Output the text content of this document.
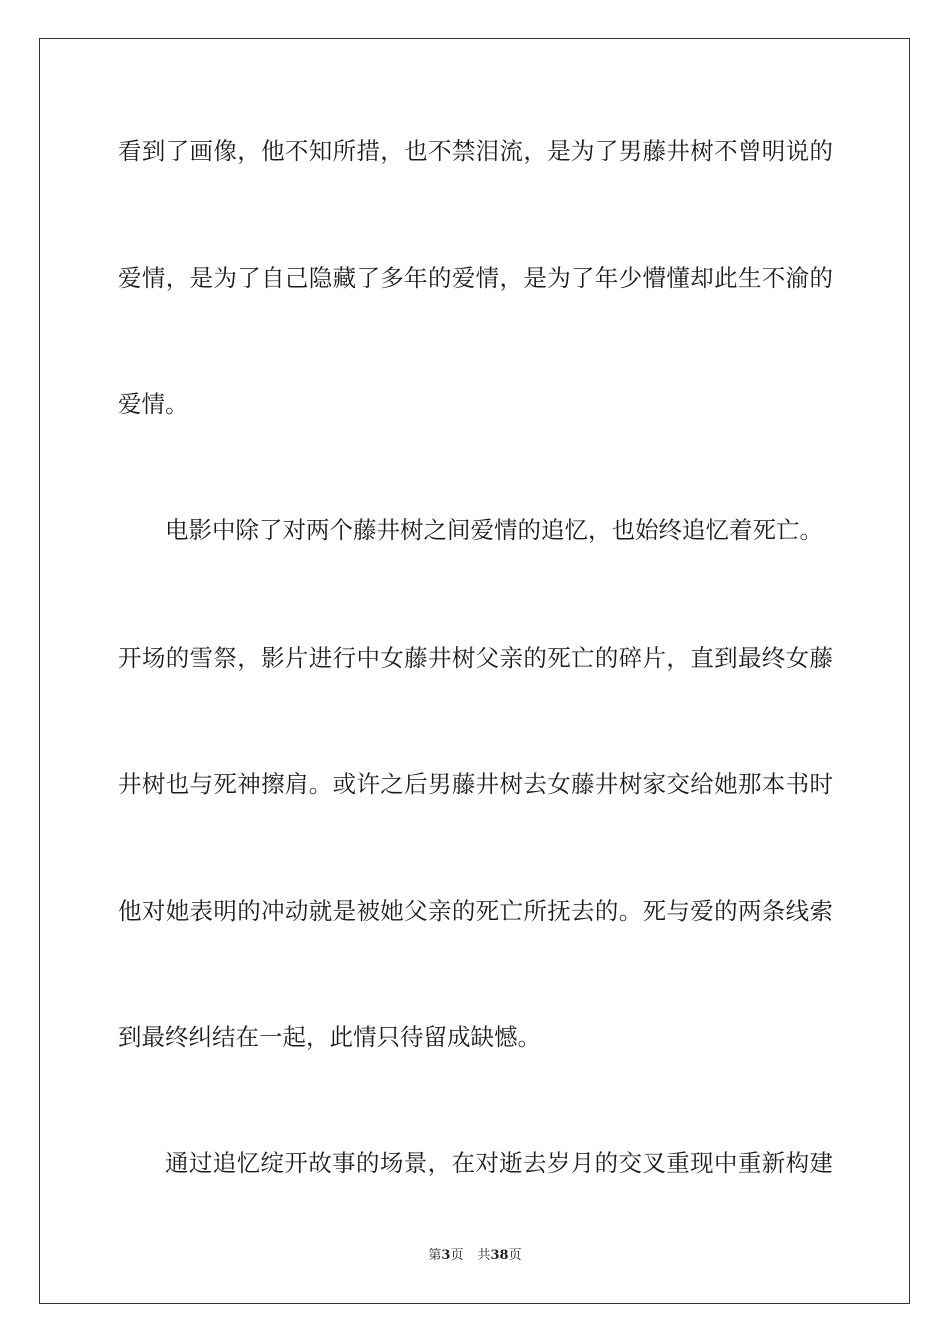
看到了画像，他不知所措，也不禁泪流，是为了男藤井树不曾明说的
爱情，是为了自己隐藏了多年的爱情，是为了年少懵懂却此生不渝的
爱情。
电影中除了对两个藤井树之间爱情的追忆，也始终追忆着死亡。
开场的雪祭，影片进行中女藤井树父亲的死亡的碎片，直到最终女藤
井树也与死神擦肩。或许之后男藤井树去女藤井树家交给她那本书时
他对她表明的冲动就是被她父亲的死亡所抚去的。死与爱的两条线索
到最终纠结在一起，此情只待留成缺憾。
通过追忆绽开故事的场景，在对逝去岁月的交叉重现中重新构建
第3页 共38页
